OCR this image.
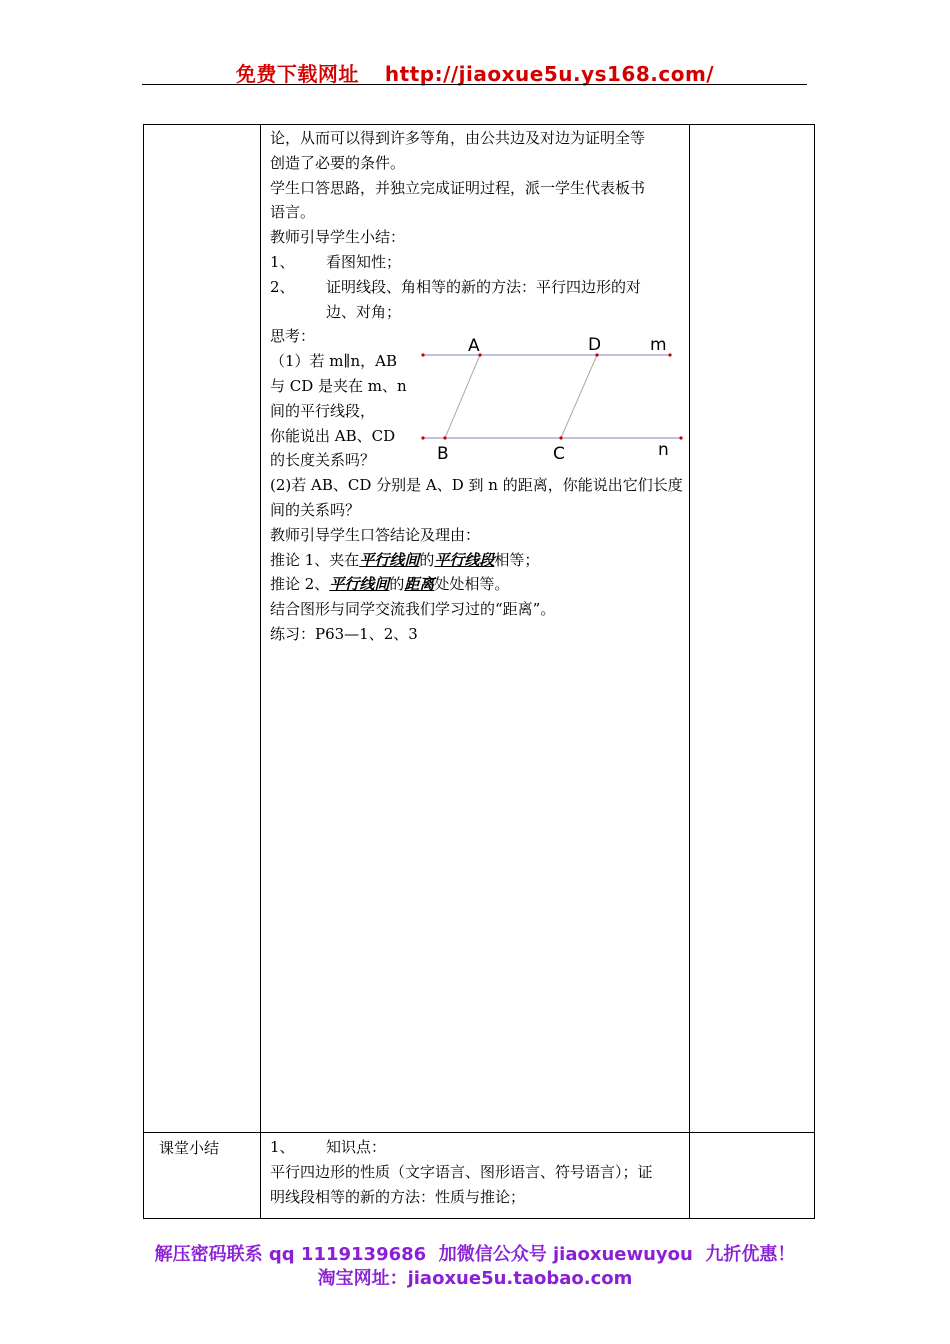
免费下载网址 http://jiaoxue5u.ys168.com/

论，从而可以得到许多等角，由公共边及对边为证明全等

创造了必要的条件。

学生口答思路，并独立完成证明过程，派一学生代表板书

语言。

教师引导学生小结：

1、 看图知性；

2、 证明线段、角相等的新的方法：平行四边形的对

边、对角；

思考：

（1）若 m∥n，AB

与 CD 是夹在 m、n

间的平行线段，

你能说出 AB、CD

的长度关系吗？

(2)若 AB、CD 分别是 A、D 到 n 的距离，你能说出它们长度

间的关系吗？

教师引导学生口答结论及理由：

推论 1、夹在平行线间的平行线段相等；

推论 2、平行线间的距离处处相等。

结合图形与同学交流我们学习过的“距离”。

练习：P63—1、2、3

A	D	m
B	C	n
课堂小结	1、 知识点：

平行四边形的性质（文字语言、图形语言、符号语言）；证

明线段相等的新的方法：性质与推论；

解压密码联系 qq 1119139686 加微信公众号 jiaoxuewuyou 九折优惠！
淘宝网址：jiaoxue5u.taobao.com
